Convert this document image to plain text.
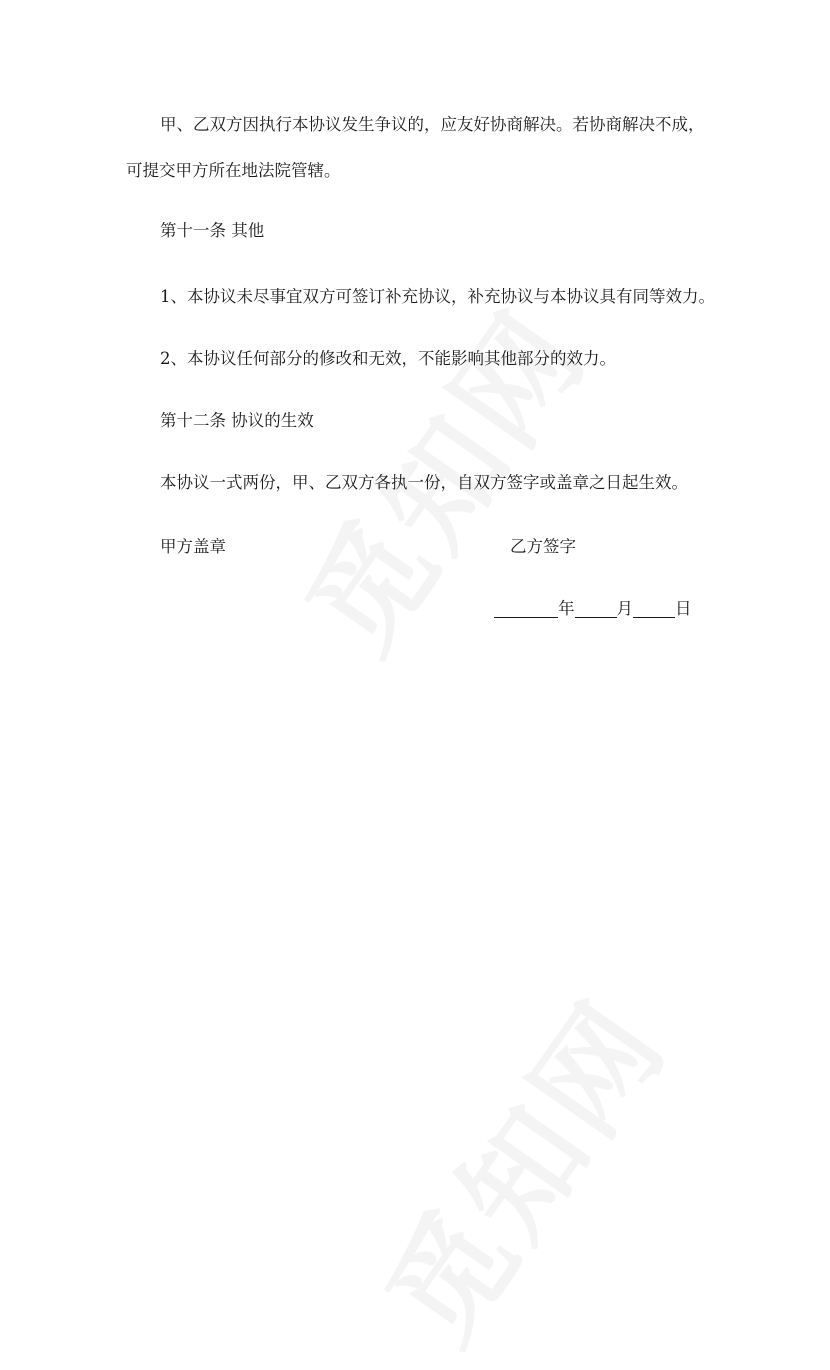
甲、乙双方因执行本协议发生争议的，应友好协商解决。若协商解决不成，
可提交甲方所在地法院管辖。
第十一条 其他
1、本协议未尽事宜双方可签订补充协议，补充协议与本协议具有同等效力。
2、本协议任何部分的修改和无效，不能影响其他部分的效力。
第十二条 协议的生效
本协议一式两份，甲、乙双方各执一份，自双方签字或盖章之日起生效。
甲方盖章	乙方签字
年	月	日
